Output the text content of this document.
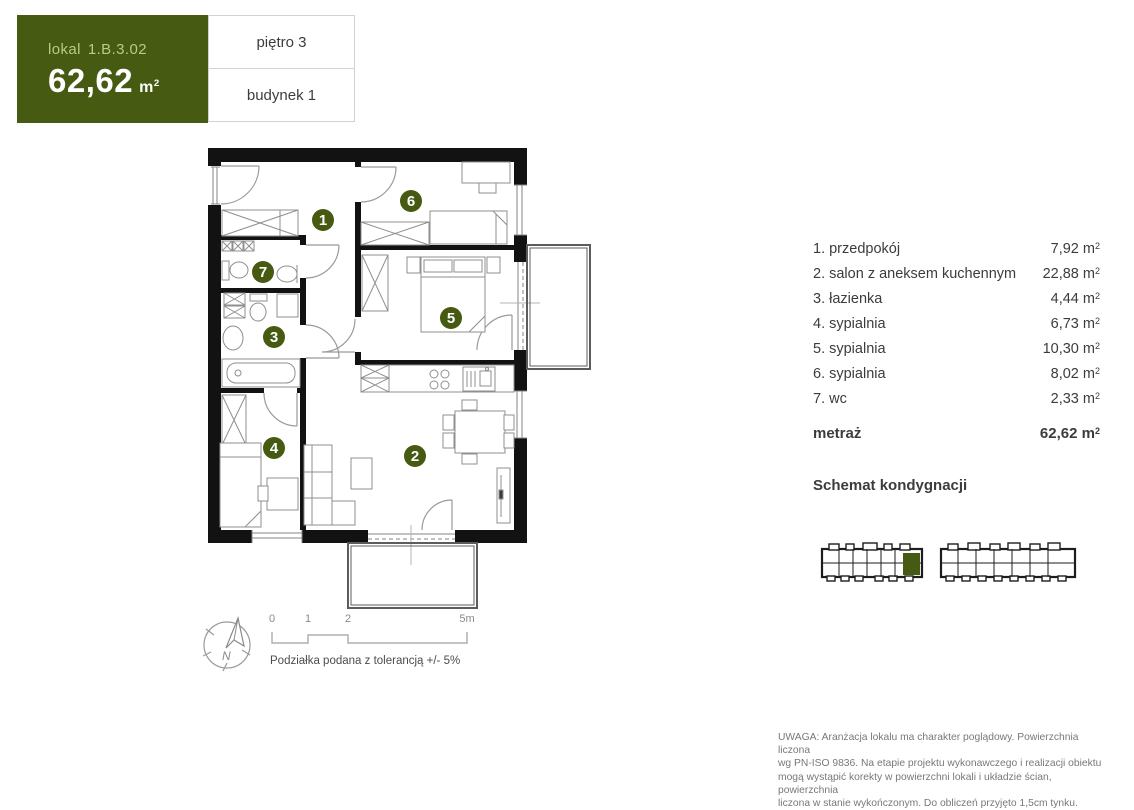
lokal 1.B.3.02
62,62 $m^2$
piętro 3
budynek 1
1
2
3
4
5
6
7
1. przedpokój	7,92 $m^2$
2. salon z aneksem kuchennym 22,88 $m^2$
3. łazienka	4,44 $m^2$
4. sypialnia	6,73 $m^2$
5. sypialnia	10,30 $m^2$
6. sypialnia	8,02 $m^2$
7. wc	2,33 $m^2$
metraż	62,62 $m^2$
Schemat kondygnacji
N
0	1	2	5m
Podziałka podana z tolerancją +/- 5%
UWAGA: Aranżacja lokalu ma charakter poglądowy. Powierzchnia liczona
wg PN-ISO 9836. Na etapie projektu wykonawczego i realizacji obiektu
mogą wystąpić korekty w powierzchni lokali i układzie ścian, powierzchnia
liczona w stanie wykończonym. Do obliczeń przyjęto 1,5cm tynku.
